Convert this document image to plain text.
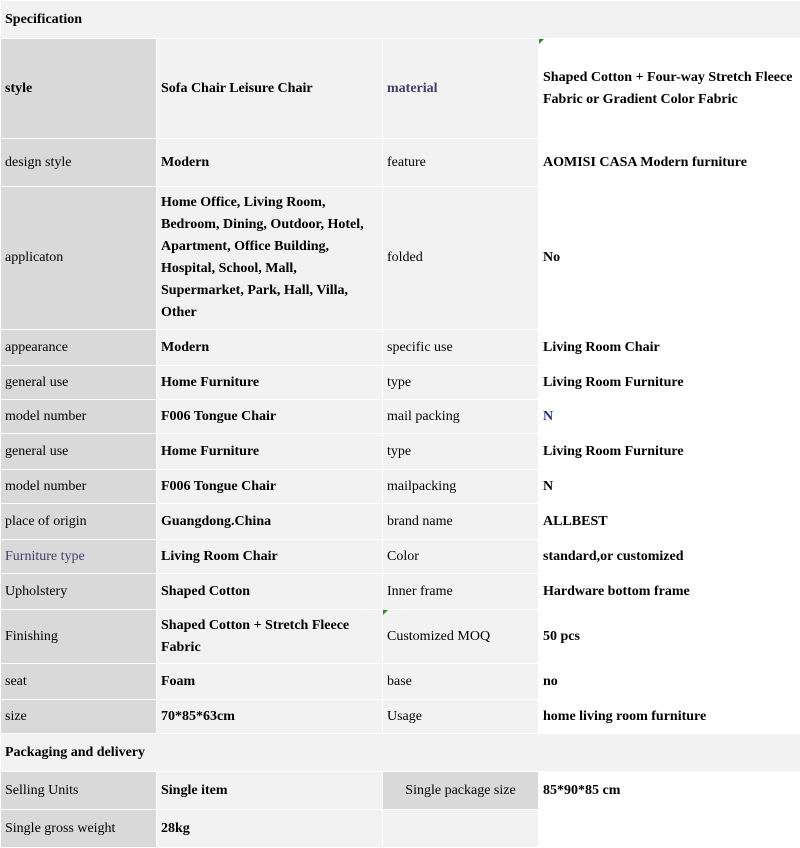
Specification			
style	Sofa Chair Leisure Chair	material	Shaped Cotton + Four-way Stretch Fleece Fabric or Gradient Color Fabric
design style	Modern	feature	AOMISI CASA Modern furniture
applicaton	Home Office, Living Room, Bedroom, Dining, Outdoor, Hotel, Apartment, Office Building, Hospital, School, Mall, Supermarket, Park, Hall, Villa, Other	folded	No
appearance	Modern	specific use	Living Room Chair
general use	Home Furniture	type	Living Room Furniture
model number	F006 Tongue Chair	mail packing	N
general use	Home Furniture	type	Living Room Furniture
model number	F006 Tongue Chair	mailpacking	N
place of origin	Guangdong.China	brand name	ALLBEST
Furniture type	Living Room Chair	Color	standard,or customized
Upholstery	Shaped Cotton	Inner frame	Hardware bottom frame
Finishing	Shaped Cotton + Stretch Fleece Fabric	Customized MOQ	50 pcs
seat	Foam	base	no
size	70*85*63cm	Usage	home living room furniture
Packaging and delivery			
Selling Units	Single item	Single package size	85*90*85 cm
Single gross weight	28kg		
